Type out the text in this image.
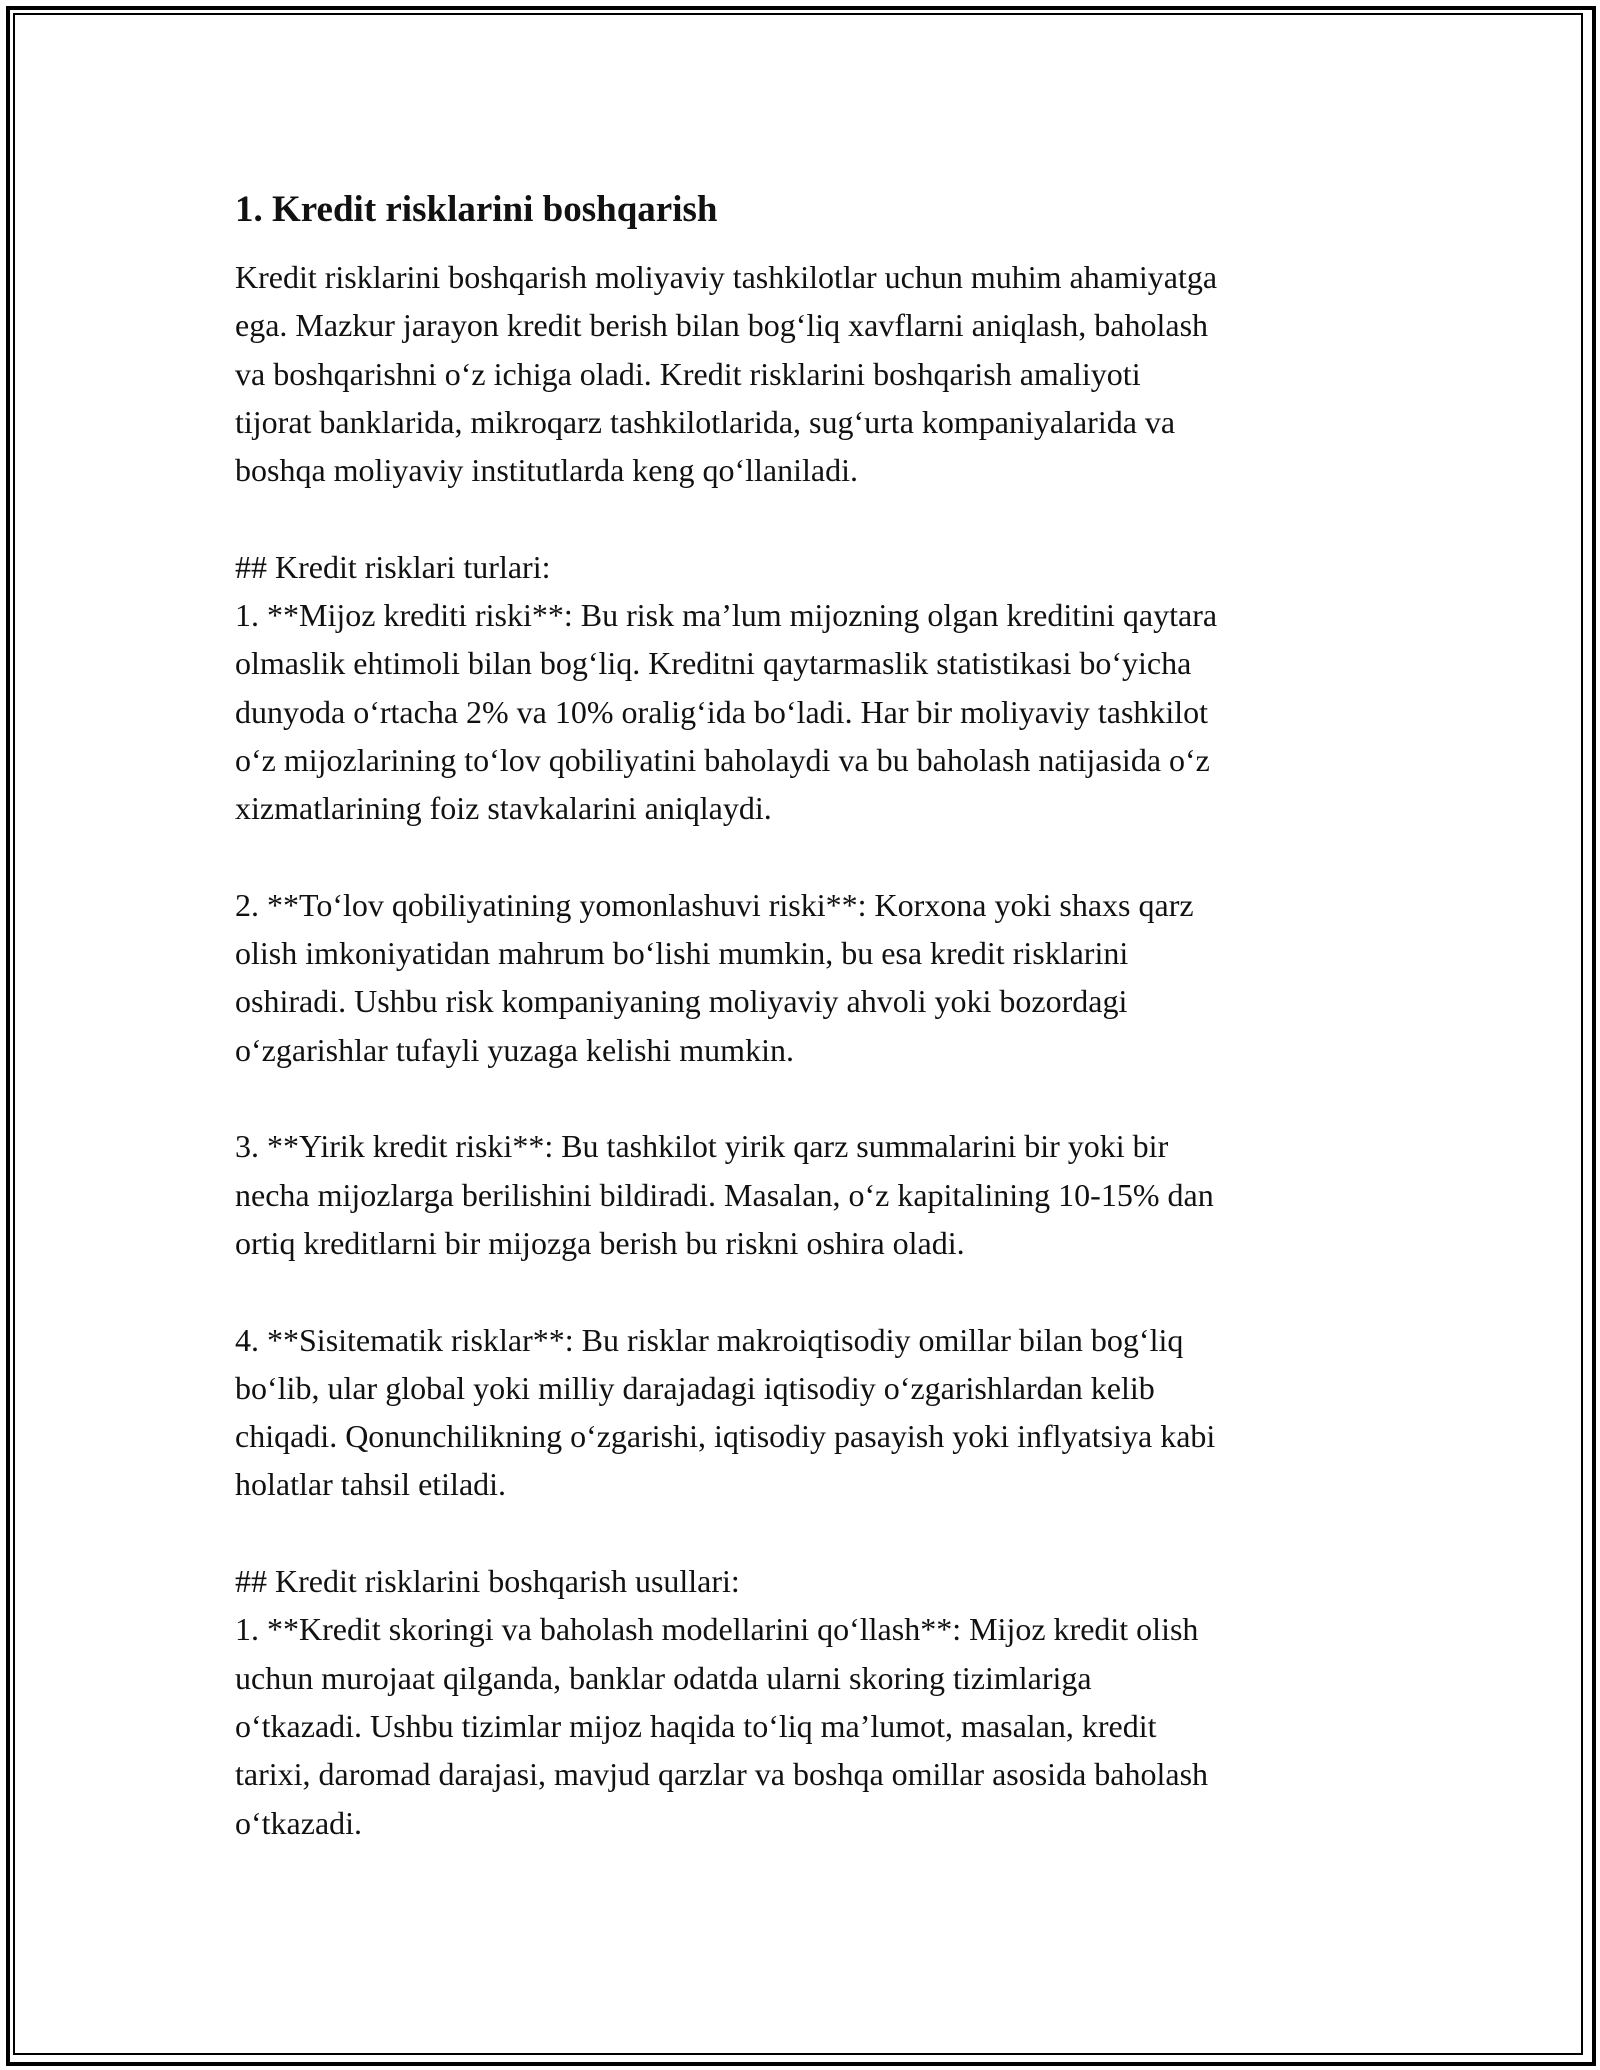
1. Kredit risklarini boshqarish

Kredit risklarini boshqarish moliyaviy tashkilotlar uchun muhim ahamiyatga
ega. Mazkur jarayon kredit berish bilan bog‘liq xavflarni aniqlash, baholash
va boshqarishni o‘z ichiga oladi. Kredit risklarini boshqarish amaliyoti
tijorat banklarida, mikroqarz tashkilotlarida, sug‘urta kompaniyalarida va
boshqa moliyaviy institutlarda keng qo‘llaniladi.

## Kredit risklari turlari:
1. **Mijoz krediti riski**: Bu risk ma’lum mijozning olgan kreditini qaytara
olmaslik ehtimoli bilan bog‘liq. Kreditni qaytarmaslik statistikasi bo‘yicha
dunyoda o‘rtacha 2% va 10% oralig‘ida bo‘ladi. Har bir moliyaviy tashkilot
o‘z mijozlarining to‘lov qobiliyatini baholaydi va bu baholash natijasida o‘z
xizmatlarining foiz stavkalarini aniqlaydi.

2. **To‘lov qobiliyatining yomonlashuvi riski**: Korxona yoki shaxs qarz
olish imkoniyatidan mahrum bo‘lishi mumkin, bu esa kredit risklarini
oshiradi. Ushbu risk kompaniyaning moliyaviy ahvoli yoki bozordagi
o‘zgarishlar tufayli yuzaga kelishi mumkin.

3. **Yirik kredit riski**: Bu tashkilot yirik qarz summalarini bir yoki bir
necha mijozlarga berilishini bildiradi. Masalan, o‘z kapitalining 10-15% dan
ortiq kreditlarni bir mijozga berish bu riskni oshira oladi.

4. **Sisitematik risklar**: Bu risklar makroiqtisodiy omillar bilan bog‘liq
bo‘lib, ular global yoki milliy darajadagi iqtisodiy o‘zgarishlardan kelib
chiqadi. Qonunchilikning o‘zgarishi, iqtisodiy pasayish yoki inflyatsiya kabi
holatlar tahsil etiladi.

## Kredit risklarini boshqarish usullari:
1. **Kredit skoringi va baholash modellarini qo‘llash**: Mijoz kredit olish
uchun murojaat qilganda, banklar odatda ularni skoring tizimlariga
o‘tkazadi. Ushbu tizimlar mijoz haqida to‘liq ma’lumot, masalan, kredit
tarixi, daromad darajasi, mavjud qarzlar va boshqa omillar asosida baholash
o‘tkazadi.
